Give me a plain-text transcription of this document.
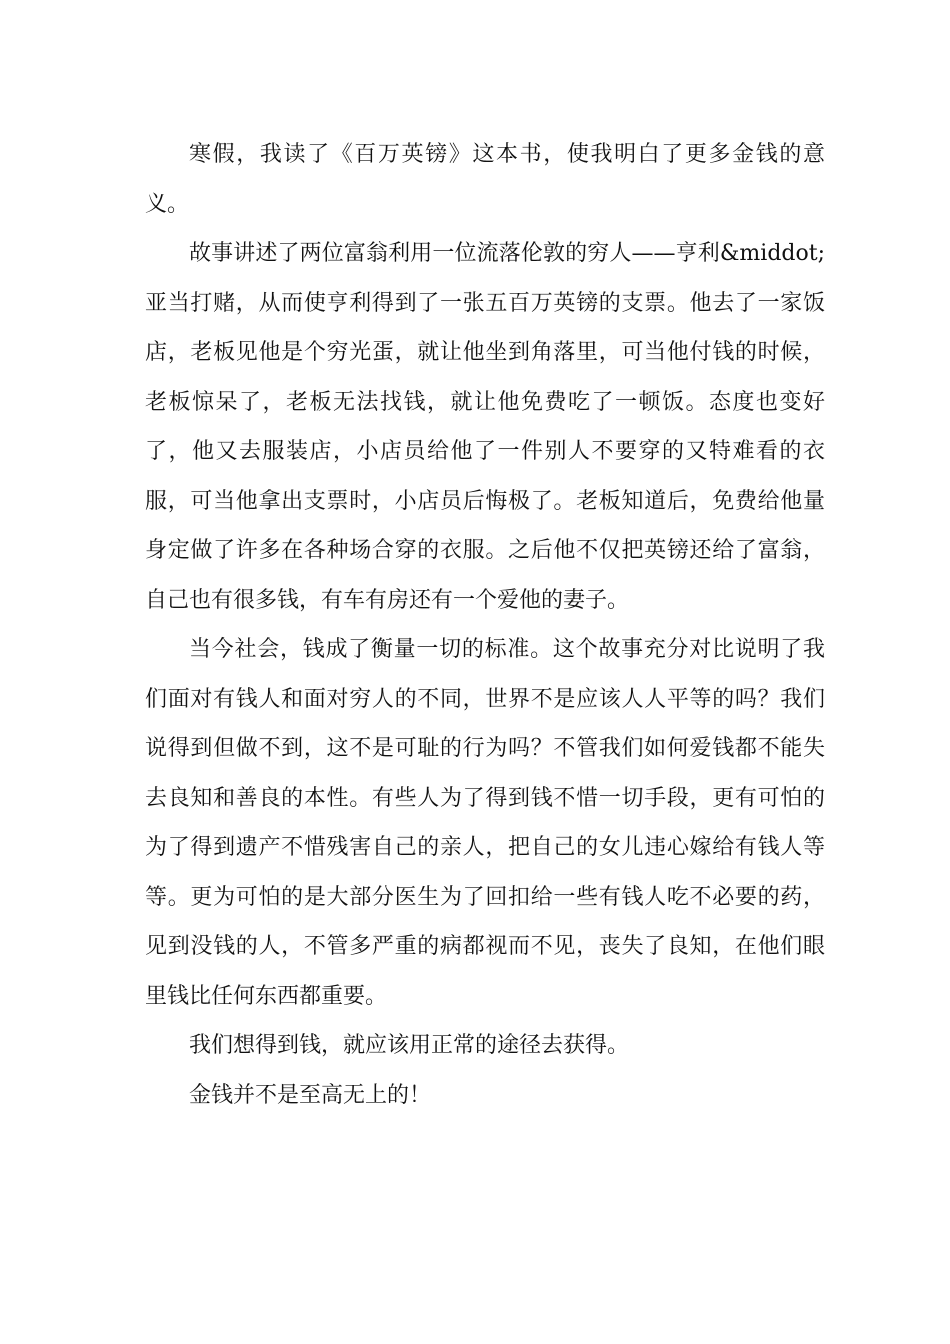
寒假，我读了《百万英镑》这本书，使我明白了更多金钱的意义。

故事讲述了两位富翁利用一位流落伦敦的穷人——亨利&middot;亚当打赌，从而使亨利得到了一张五百万英镑的支票。他去了一家饭店，老板见他是个穷光蛋，就让他坐到角落里，可当他付钱的时候，老板惊呆了，老板无法找钱，就让他免费吃了一顿饭。态度也变好了，他又去服装店，小店员给他了一件别人不要穿的又特难看的衣服，可当他拿出支票时，小店员后悔极了。老板知道后，免费给他量身定做了许多在各种场合穿的衣服。之后他不仅把英镑还给了富翁，自己也有很多钱，有车有房还有一个爱他的妻子。

当今社会，钱成了衡量一切的标准。这个故事充分对比说明了我们面对有钱人和面对穷人的不同，世界不是应该人人平等的吗？我们说得到但做不到，这不是可耻的行为吗？不管我们如何爱钱都不能失去良知和善良的本性。有些人为了得到钱不惜一切手段，更有可怕的为了得到遗产不惜残害自己的亲人，把自己的女儿违心嫁给有钱人等等。更为可怕的是大部分医生为了回扣给一些有钱人吃不必要的药，见到没钱的人，不管多严重的病都视而不见，丧失了良知，在他们眼里钱比任何东西都重要。

我们想得到钱，就应该用正常的途径去获得。

金钱并不是至高无上的！
